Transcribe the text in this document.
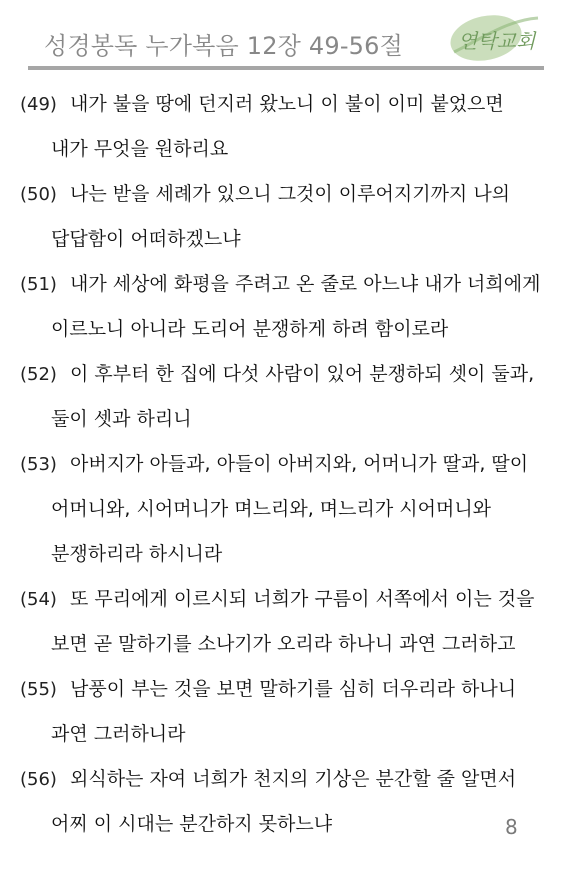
성경봉독 누가복음 12장 49-56절	연탁교회
(49) 내가 불을 땅에 던지러 왔노니 이 불이 이미 붙었으면
내가 무엇을 원하리요
(50) 나는 받을 세례가 있으니 그것이 이루어지기까지 나의
답답함이 어떠하겠느냐
(51) 내가 세상에 화평을 주려고 온 줄로 아느냐 내가 너희에게
이르노니 아니라 도리어 분쟁하게 하려 함이로라
(52) 이 후부터 한 집에 다섯 사람이 있어 분쟁하되 셋이 둘과,
둘이 셋과 하리니
(53) 아버지가 아들과, 아들이 아버지와, 어머니가 딸과, 딸이
어머니와, 시어머니가 며느리와, 며느리가 시어머니와
분쟁하리라 하시니라
(54) 또 무리에게 이르시되 너희가 구름이 서쪽에서 이는 것을
보면 곧 말하기를 소나기가 오리라 하나니 과연 그러하고
(55) 남풍이 부는 것을 보면 말하기를 심히 더우리라 하나니
과연 그러하니라
(56) 외식하는 자여 너희가 천지의 기상은 분간할 줄 알면서
어찌 이 시대는 분간하지 못하느냐	8
